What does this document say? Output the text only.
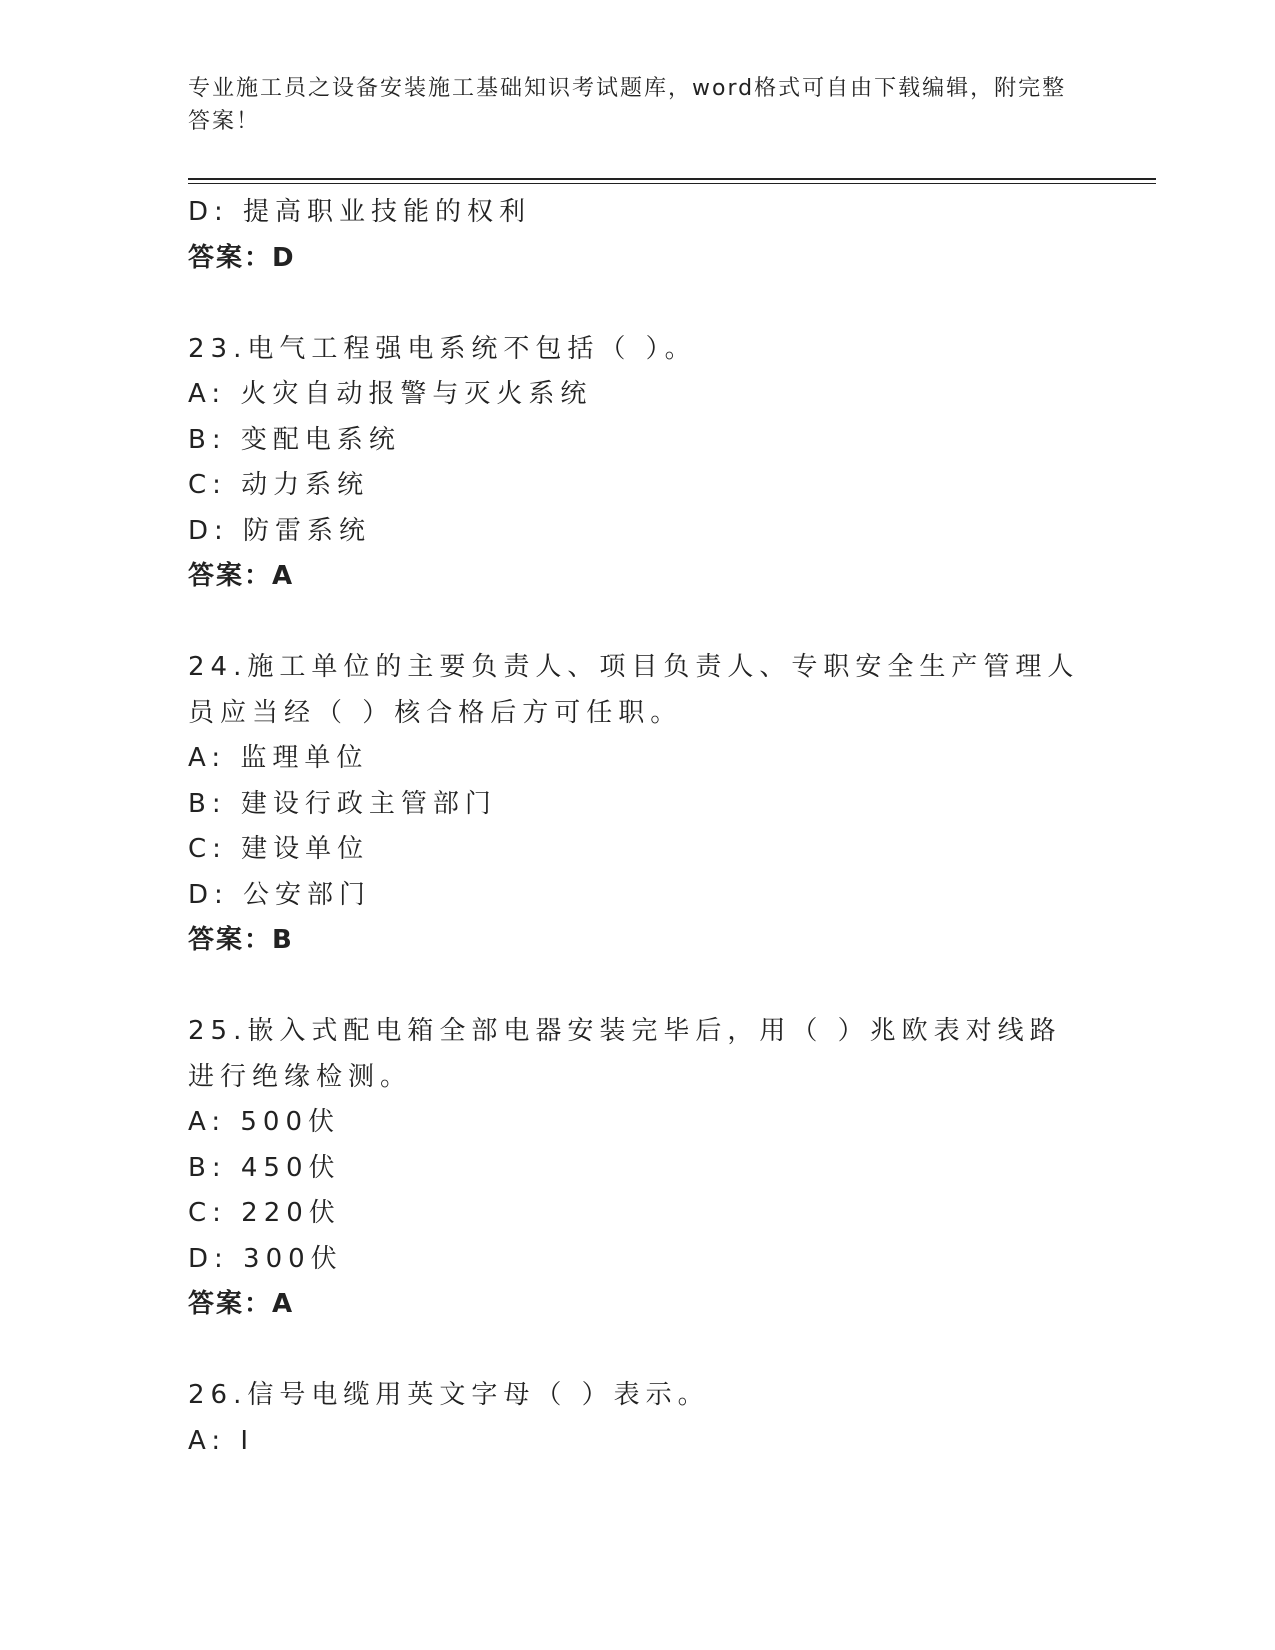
专业施工员之设备安装施工基础知识考试题库，word格式可自由下载编辑，附完整答案！
D: 提高职业技能的权利
答案：D
23.电气工程强电系统不包括（ ）。
A: 火灾自动报警与灭火系统
B: 变配电系统
C: 动力系统
D: 防雷系统
答案：A
24.施工单位的主要负责人、项目负责人、专职安全生产管理人员应当经（ ）核合格后方可任职。
A: 监理单位
B: 建设行政主管部门
C: 建设单位
D: 公安部门
答案：B
25.嵌入式配电箱全部电器安装完毕后，用（ ）兆欧表对线路进行绝缘检测。
A: 500伏
B: 450伏
C: 220伏
D: 300伏
答案：A
26.信号电缆用英文字母（ ）表示。
A: I
